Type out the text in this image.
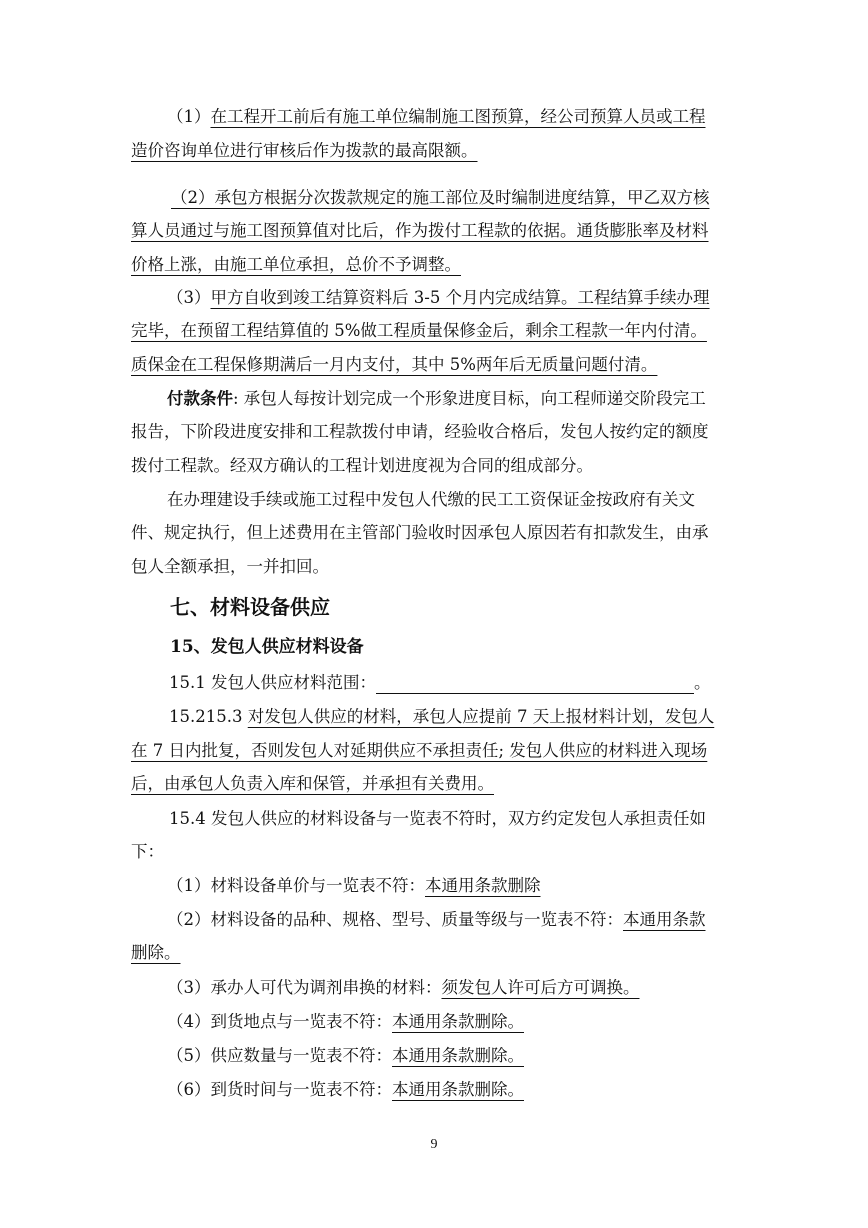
（1）在工程开工前后有施工单位编制施工图预算，经公司预算人员或工程

造价咨询单位进行审核后作为拨款的最高限额。

（2）承包方根据分次拨款规定的施工部位及时编制进度结算，甲乙双方核

算人员通过与施工图预算值对比后，作为拨付工程款的依据。通货膨胀率及材料

价格上涨，由施工单位承担，总价不予调整。

（3）甲方自收到竣工结算资料后 3-5 个月内完成结算。工程结算手续办理

完毕，在预留工程结算值的 5%做工程质量保修金后，剩余工程款一年内付清。

质保金在工程保修期满后一月内支付，其中 5%两年后无质量问题付清。

付款条件: 承包人每按计划完成一个形象进度目标，向工程师递交阶段完工

报告，下阶段进度安排和工程款拨付申请，经验收合格后，发包人按约定的额度

拨付工程款。经双方确认的工程计划进度视为合同的组成部分。

在办理建设手续或施工过程中发包人代缴的民工工资保证金按政府有关文

件、规定执行，但上述费用在主管部门验收时因承包人原因若有扣款发生，由承

包人全额承担，一并扣回。

七、材料设备供应
15、发包人供应材料设备

15.1 发包人供应材料范围：	。

15.215.3 对发包人供应的材料，承包人应提前 7 天上报材料计划，发包人

在 7 日内批复，否则发包人对延期供应不承担责任; 发包人供应的材料进入现场

后，由承包人负责入库和保管，并承担有关费用。

15.4 发包人供应的材料设备与一览表不符时，双方约定发包人承担责任如

下：

（1）材料设备单价与一览表不符：本通用条款删除

（2）材料设备的品种、规格、型号、质量等级与一览表不符：本通用条款

删除。

（3）承办人可代为调剂串换的材料：须发包人许可后方可调换。

（4）到货地点与一览表不符：本通用条款删除。

（5）供应数量与一览表不符：本通用条款删除。

（6）到货时间与一览表不符：本通用条款删除。

9
